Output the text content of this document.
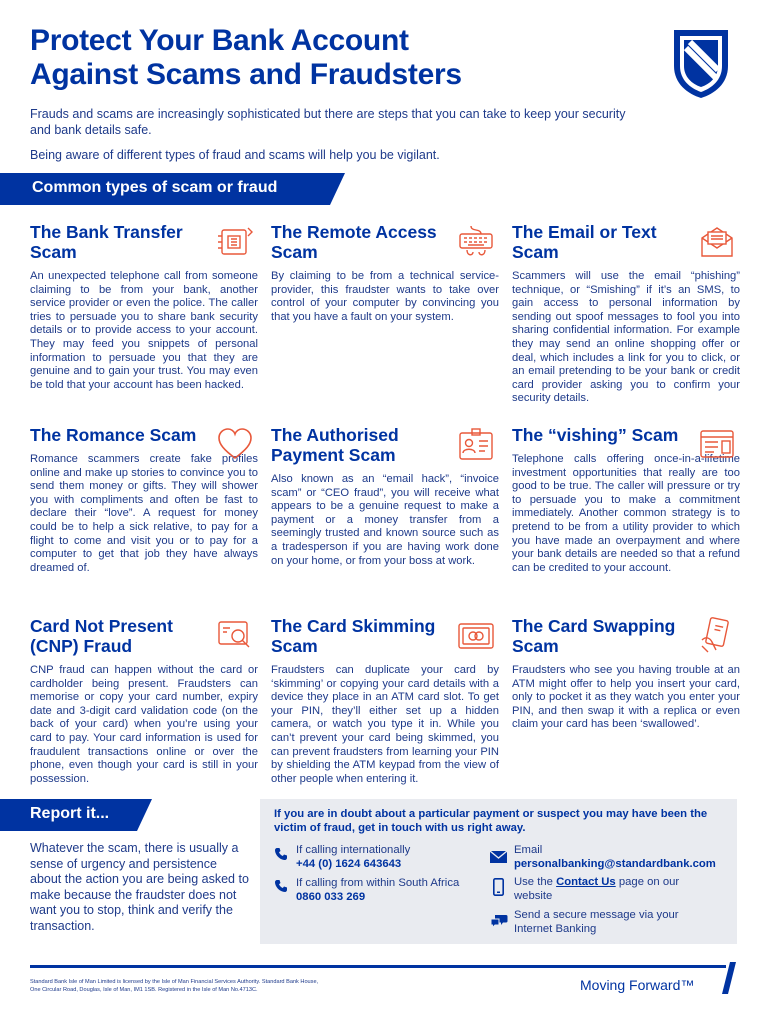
Protect Your Bank Account
Against Scams and Fraudsters

Frauds and scams are increasingly sophisticated but there are steps that you can take to keep your security and bank details safe.

Being aware of different types of fraud and scams will help you be vigilant.

Common types of scam or fraud
The Bank Transfer Scam
An unexpected telephone call from someone claiming to be from your bank, another service provider or even the police. The caller tries to persuade you to share bank security details or to provide access to your account. They may feed you snippets of personal information to persuade you that they are genuine and to gain your trust. You may even be told that your account has been hacked.
The Remote Access Scam
By claiming to be from a technical service-provider, this fraudster wants to take over control of your computer by convincing you that you have a fault on your system.
The Email or Text Scam
Scammers will use the email “phishing” technique, or “Smishing” if it’s an SMS, to gain access to personal information by sending out spoof messages to fool you into sharing confidential information. For example they may send an online shopping offer or deal, which includes a link for you to click, or an email pretending to be your bank or credit card provider asking you to confirm your security details.
The Romance Scam
Romance scammers create fake profiles online and make up stories to convince you to send them money or gifts. They will shower you with compliments and often be fast to declare their “love”. A request for money could be to help a sick relative, to pay for a flight to come and visit you or to pay for a computer to get that job they have always dreamed of.
The Authorised Payment Scam
Also known as an “email hack”, “invoice scam” or “CEO fraud”, you will receive what appears to be a genuine request to make a payment or a money transfer from a seemingly trusted and known source such as a tradesperson if you are having work done on your home, or from your boss at work.
The “vishing” Scam
Telephone calls offering once-in-a-lifetime investment opportunities that really are too good to be true. The caller will pressure or try to persuade you to make a commitment immediately. Another common strategy is to pretend to be from a utility provider to which you have made an overpayment and where your bank details are needed so that a refund can be credited to your account.
Card Not Present (CNP) Fraud
CNP fraud can happen without the card or cardholder being present. Fraudsters can memorise or copy your card number, expiry date and 3-digit card validation code (on the back of your card) when you’re using your card to pay. Your card information is used for fraudulent transactions online or over the phone, even though your card is still in your possession.
The Card Skimming Scam
Fraudsters can duplicate your card by ‘skimming’ or copying your card details with a device they place in an ATM card slot. To get your PIN, they’ll either set up a hidden camera, or watch you type it in. While you can’t prevent your card being skimmed, you can prevent fraudsters from learning your PIN by shielding the ATM keypad from the view of other people when entering it.
The Card Swapping Scam
Fraudsters who see you having trouble at an ATM might offer to help you insert your card, only to pocket it as they watch you enter your PIN, and then swap it with a replica or even claim your card has been ‘swallowed’.
Report it...
Whatever the scam, there is usually a sense of urgency and persistence about the action you are being asked to make because the fraudster does not want you to stop, think and verify the transaction.
If you are in doubt about a particular payment or suspect you may have been the victim of fraud, get in touch with us right away.
If calling internationally
+44 (0) 1624 643643
If calling from within South Africa
0860 033 269
Email
personalbanking@standardbank.com
Use the Contact Us page on our website
Send a secure message via your Internet Banking
Standard Bank Isle of Man Limited is licensed by the Isle of Man Financial Services Authority. Standard Bank House,
One Circular Road, Douglas, Isle of Man, IM1 1SB. Registered in the Isle of Man No.4713C.	Moving Forward™
